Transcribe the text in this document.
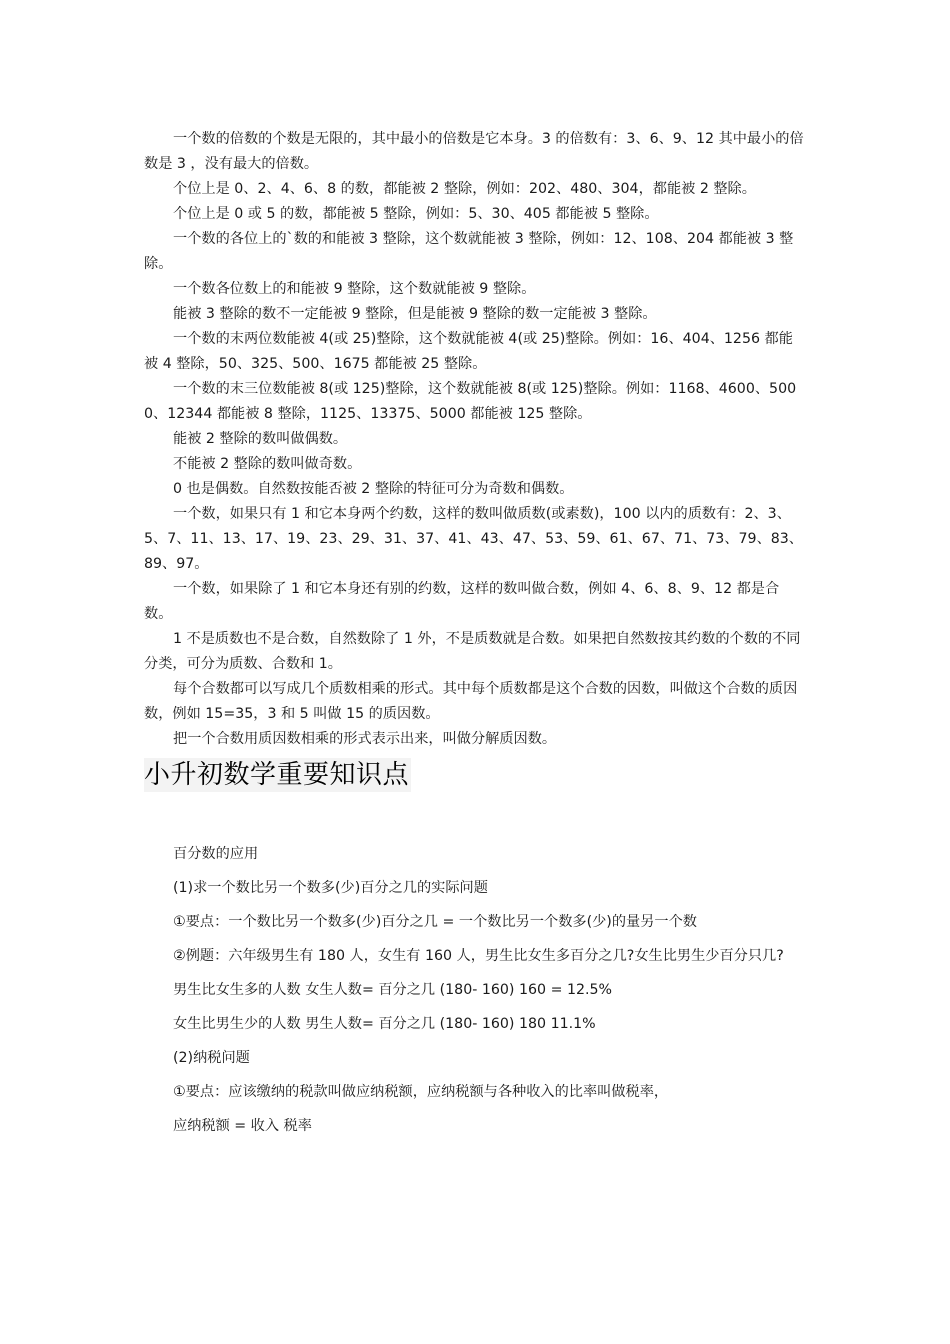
一个数的倍数的个数是无限的，其中最小的倍数是它本身。3 的倍数有：3、6、9、12 其中最小的倍数是 3 ，没有最大的倍数。

个位上是 0、2、4、6、8 的数，都能被 2 整除，例如：202、480、304，都能被 2 整除。

个位上是 0 或 5 的数，都能被 5 整除，例如：5、30、405 都能被 5 整除。

一个数的各位上的`数的和能被 3 整除，这个数就能被 3 整除，例如：12、108、204 都能被 3 整除。

一个数各位数上的和能被 9 整除，这个数就能被 9 整除。

能被 3 整除的数不一定能被 9 整除，但是能被 9 整除的数一定能被 3 整除。

一个数的末两位数能被 4(或 25)整除，这个数就能被 4(或 25)整除。例如：16、404、1256 都能被 4 整除，50、325、500、1675 都能被 25 整除。

一个数的末三位数能被 8(或 125)整除，这个数就能被 8(或 125)整除。例如：1168、4600、5000、12344 都能被 8 整除，1125、13375、5000 都能被 125 整除。

能被 2 整除的数叫做偶数。

不能被 2 整除的数叫做奇数。

0 也是偶数。自然数按能否被 2 整除的特征可分为奇数和偶数。

一个数，如果只有 1 和它本身两个约数，这样的数叫做质数(或素数)，100 以内的质数有：2、3、5、7、11、13、17、19、23、29、31、37、41、43、47、53、59、61、67、71、73、79、83、89、97。

一个数，如果除了 1 和它本身还有别的约数，这样的数叫做合数，例如 4、6、8、9、12 都是合数。

1 不是质数也不是合数，自然数除了 1 外，不是质数就是合数。如果把自然数按其约数的个数的不同分类，可分为质数、合数和 1。

每个合数都可以写成几个质数相乘的形式。其中每个质数都是这个合数的因数，叫做这个合数的质因数，例如 15=35，3 和 5 叫做 15 的质因数。

把一个合数用质因数相乘的形式表示出来，叫做分解质因数。

小升初数学重要知识点

百分数的应用

(1)求一个数比另一个数多(少)百分之几的实际问题

①要点：一个数比另一个数多(少)百分之几 = 一个数比另一个数多(少)的量另一个数

②例题：六年级男生有 180 人，女生有 160 人，男生比女生多百分之几?女生比男生少百分只几?

男生比女生多的人数 女生人数= 百分之几 (180- 160) 160 = 12.5%

女生比男生少的人数 男生人数= 百分之几 (180- 160) 180 11.1%

(2)纳税问题

①要点：应该缴纳的税款叫做应纳税额，应纳税额与各种收入的比率叫做税率，

应纳税额 = 收入 税率
